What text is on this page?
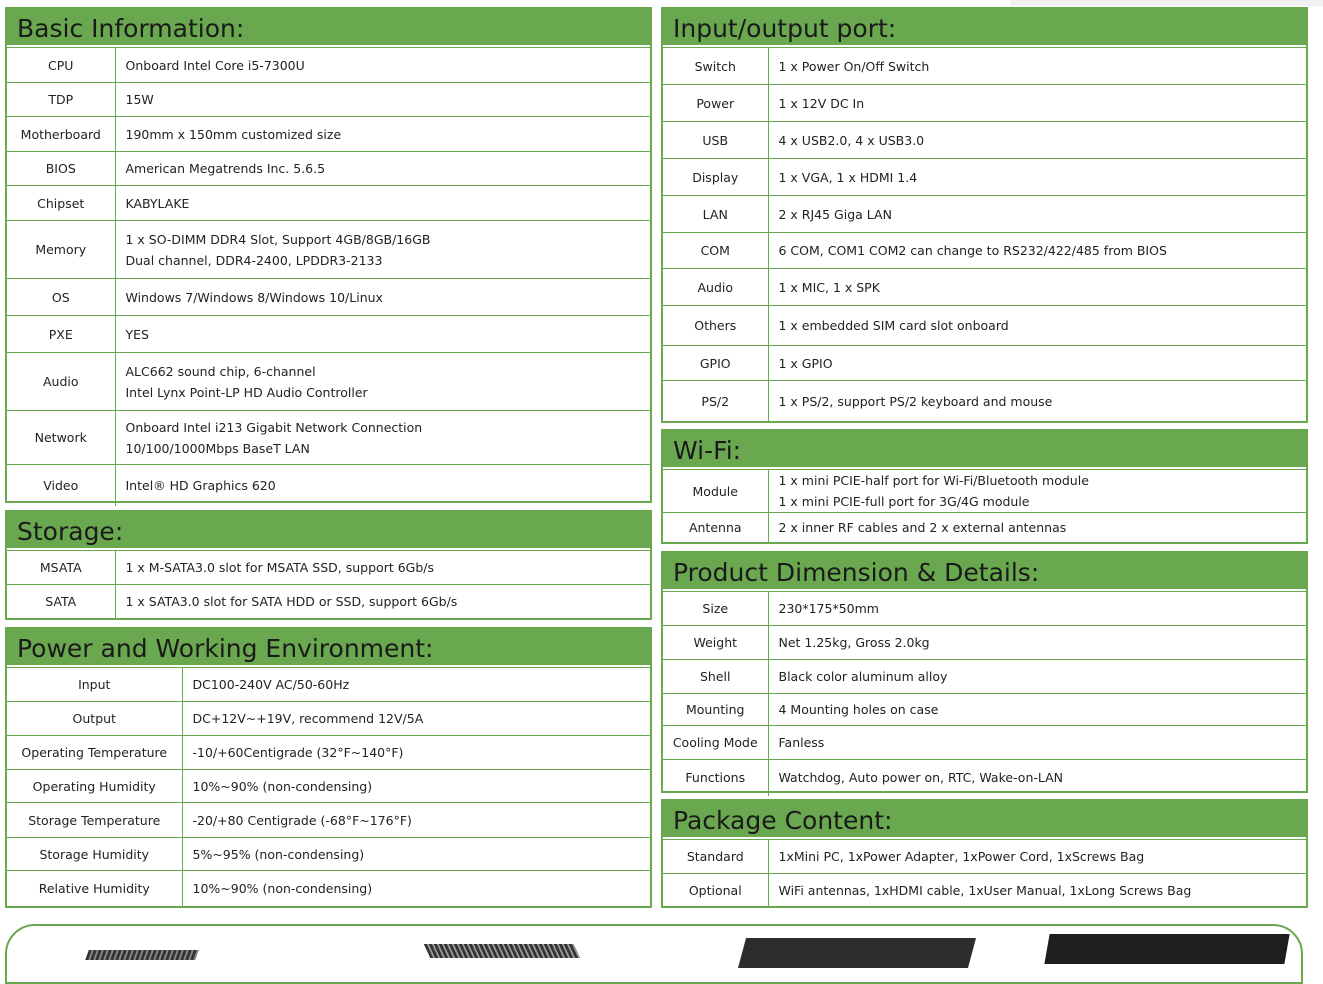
Basic Information:
CPU	Onboard Intel Core i5-7300U

TDP	15W

Motherboard	190mm x 150mm customized size

BIOS	American Megatrends Inc. 5.6.5

Chipset	KABYLAKE

Memory	1 x SO-DIMM DDR4 Slot, Support 4GB/8GB/16GB
Dual channel, DDR4-2400, LPDDR3-2133

OS	Windows 7/Windows 8/Windows 10/Linux

PXE	YES

Audio	ALC662 sound chip, 6-channel
Intel Lynx Point-LP HD Audio Controller

Network	Onboard Intel i213 Gigabit Network Connection
10/100/1000Mbps BaseT LAN

Video	Intel® HD Graphics 620
Storage:
MSATA	1 x M-SATA3.0 slot for MSATA SSD, support 6Gb/s

SATA	1 x SATA3.0 slot for SATA HDD or SSD, support 6Gb/s
Power and Working Environment:
Input	DC100-240V AC/50-60Hz

Output	DC+12V~+19V, recommend 12V/5A

Operating Temperature	-10/+60Centigrade (32°F~140°F)

Operating Humidity	10%~90% (non-condensing)

Storage Temperature	-20/+80 Centigrade (-68°F~176°F)

Storage Humidity	5%~95% (non-condensing)

Relative Humidity	10%~90% (non-condensing)
Input/output port:
Switch	1 x Power On/Off Switch

Power	1 x 12V DC In

USB	4 x USB2.0, 4 x USB3.0

Display	1 x VGA, 1 x HDMI 1.4

LAN	2 x RJ45 Giga LAN

COM	6 COM, COM1 COM2 can change to RS232/422/485 from BIOS

Audio	1 x MIC, 1 x SPK

Others	1 x embedded SIM card slot onboard

GPIO	1 x GPIO

PS/2	1 x PS/2, support PS/2 keyboard and mouse
Wi-Fi:
Module	1 x mini PCIE-half port for Wi-Fi/Bluetooth module
1 x mini PCIE-full port for 3G/4G module

Antenna	2 x inner RF cables and 2 x external antennas
Product Dimension & Details:
Size	230*175*50mm

Weight	Net 1.25kg, Gross 2.0kg

Shell	Black color aluminum alloy

Mounting	4 Mounting holes on case

Cooling Mode	Fanless

Functions	Watchdog, Auto power on, RTC, Wake-on-LAN
Package Content:
Standard	1xMini PC, 1xPower Adapter, 1xPower Cord, 1xScrews Bag

Optional	WiFi antennas, 1xHDMI cable, 1xUser Manual, 1xLong Screws Bag
